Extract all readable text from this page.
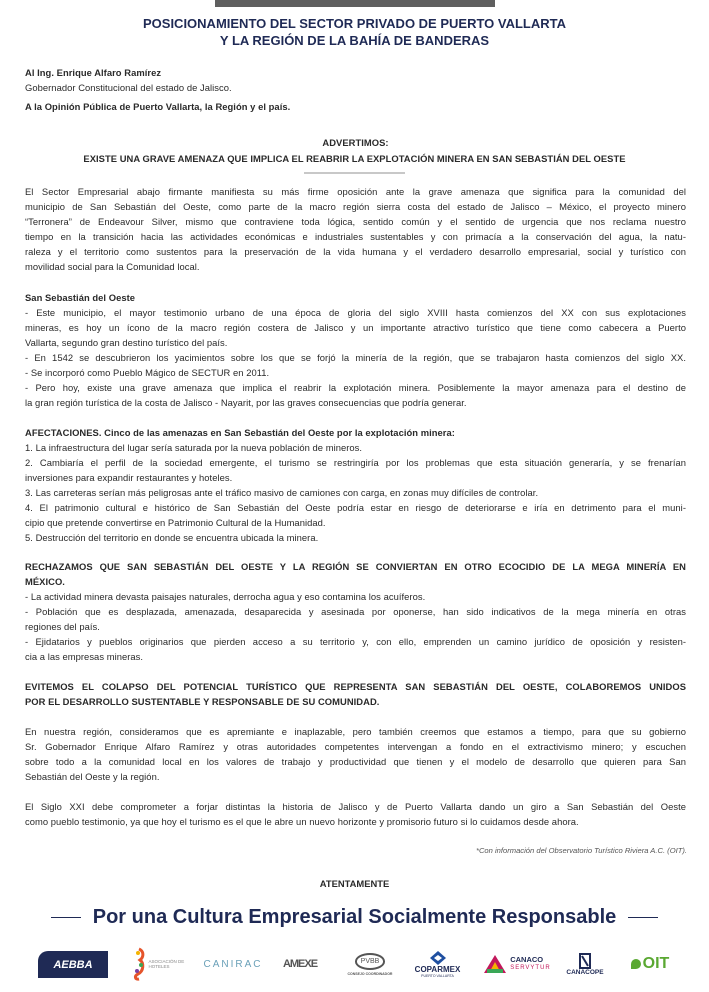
POSICIONAMIENTO DEL SECTOR PRIVADO DE PUERTO VALLARTA
Y LA REGIÓN DE LA BAHÍA DE BANDERAS
Al Ing. Enrique Alfaro Ramírez
Gobernador Constitucional del estado de Jalisco.
A la Opinión Pública de Puerto Vallarta, la Región y el país.
ADVERTIMOS:
EXISTE UNA GRAVE AMENAZA QUE IMPLICA EL REABRIR LA EXPLOTACIÓN MINERA EN SAN SEBASTIÁN DEL OESTE
El Sector Empresarial abajo firmante manifiesta su más firme oposición ante la grave amenaza que significa para la comunidad del
municipio de San Sebastián del Oeste, como parte de la macro región sierra costa del estado de Jalisco – México, el proyecto minero
“Terronera” de Endeavour Silver, mismo que contraviene toda lógica, sentido común y el sentido de urgencia que nos reclama nuestro
tiempo en la transición hacia las actividades económicas e industriales sustentables y con primacía a la conservación del agua, la natu-
raleza y el territorio como sustentos para la preservación de la vida humana y el verdadero desarrollo empresarial, social y turístico con
movilidad social para la Comunidad local.
San Sebastián del Oeste
- Este municipio, el mayor testimonio urbano de una época de gloria del siglo XVIII hasta comienzos del XX con sus explotaciones
mineras, es hoy un ícono de la macro región costera de Jalisco y un importante atractivo turístico que tiene como cabecera a Puerto
Vallarta, segundo gran destino turístico del país.
- En 1542 se descubrieron los yacimientos sobre los que se forjó la minería de la región, que se trabajaron hasta comienzos del siglo XX.
- Se incorporó como Pueblo Mágico de SECTUR en 2011.
- Pero hoy, existe una grave amenaza que implica el reabrir la explotación minera. Posiblemente la mayor amenaza para el destino de
la gran región turística de la costa de Jalisco - Nayarit, por las graves consecuencias que podría generar.
AFECTACIONES. Cinco de las amenazas en San Sebastián del Oeste por la explotación minera:
1. La infraestructura del lugar sería saturada por la nueva población de mineros.
2. Cambiaría el perfil de la sociedad emergente, el turismo se restringiría por los problemas que esta situación generaría, y se frenarían
inversiones para expandir restaurantes y hoteles.
3. Las carreteras serían más peligrosas ante el tráfico masivo de camiones con carga, en zonas muy difíciles de controlar.
4. El patrimonio cultural e histórico de San Sebastián del Oeste podría estar en riesgo de deteriorarse e iría en detrimento para el muni-
cipio que pretende convertirse en Patrimonio Cultural de la Humanidad.
5. Destrucción del territorio en donde se encuentra ubicada la minera.
RECHAZAMOS QUE SAN SEBASTIÁN DEL OESTE Y LA REGIÓN SE CONVIERTAN EN OTRO ECOCIDIO DE LA MEGA MINERÍA EN
MÉXICO.
- La actividad minera devasta paisajes naturales, derrocha agua y eso contamina los acuíferos.
- Población que es desplazada, amenazada, desaparecida y asesinada por oponerse, han sido indicativos de la mega minería en otras
regiones del país.
- Ejidatarios y pueblos originarios que pierden acceso a su territorio y, con ello, emprenden un camino jurídico de oposición y resisten-
cia a las empresas mineras.
EVITEMOS EL COLAPSO DEL POTENCIAL TURÍSTICO QUE REPRESENTA SAN SEBASTIÁN DEL OESTE, COLABOREMOS UNIDOS
POR EL DESARROLLO SUSTENTABLE Y RESPONSABLE DE SU COMUNIDAD.
En nuestra región, consideramos que es apremiante e inaplazable, pero también creemos que estamos a tiempo, para que su gobierno
Sr. Gobernador Enrique Alfaro Ramírez y otras autoridades competentes intervengan a fondo en el extractivismo minero; y escuchen
sobre todo a la comunidad local en los valores de trabajo y productividad que tienen y el modelo de desarrollo que quieren para San
Sebastián del Oeste y la región.
El Siglo XXI debe comprometer a forjar distintas la historia de Jalisco y de Puerto Vallarta dando un giro a San Sebastián del Oeste
como pueblo testimonio, ya que hoy el turismo es el que le abre un nuevo horizonte y promisorio futuro si lo cuidamos desde ahora.
*Con información del Observatorio Turístico Riviera A.C. (OIT).
ATENTAMENTE
Por una Cultura Empresarial Socialmente Responsable
AEBBA	ASOCIACIÓN DE HOTELES	CANIRAC AMEXE	PVBB
CONSEJO COORDINADOR	COPARMEX
PUERTO VALLARTA
CANACO
SERVYTUR
CANACOPE OIT
